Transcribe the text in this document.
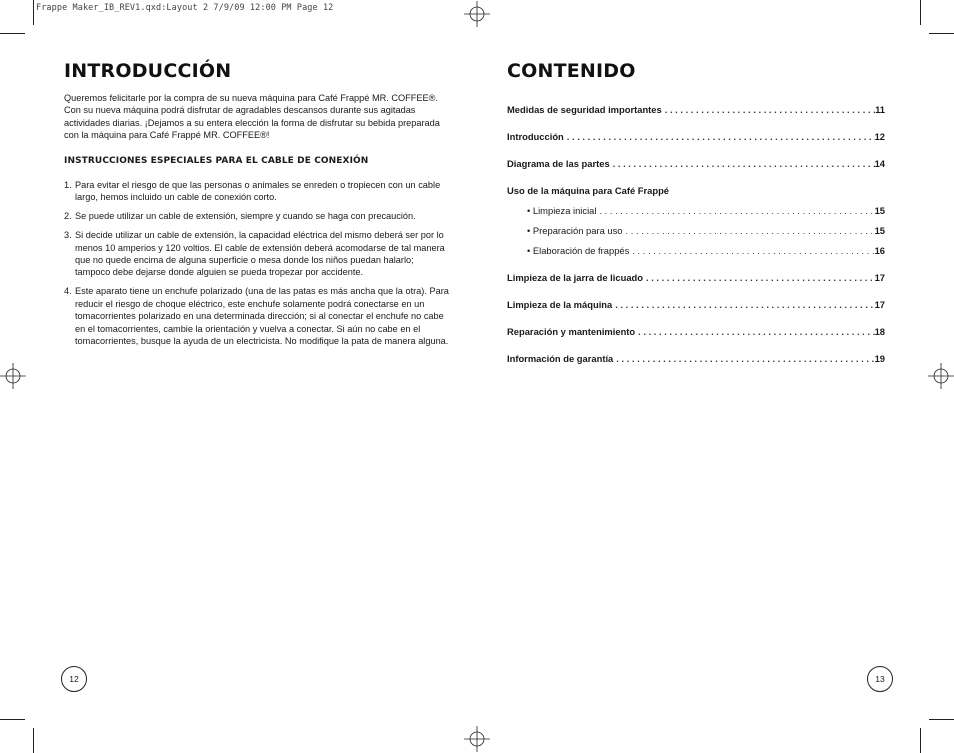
Frappe Maker_IB_REV1.qxd:Layout 2 7/9/09 12:00 PM Page 12
INTRODUCCIÓN

Queremos felicitarle por la compra de su nueva máquina para Café Frappé MR. COFFEE®. Con su nueva máquina podrá disfrutar de agradables descansos durante sus agitadas actividades diarias. ¡Dejamos a su entera elección la forma de disfrutar su bebida preparada con la máquina para Café Frappé MR. COFFEE®!

INSTRUCCIONES ESPECIALES PARA EL CABLE DE CONEXIÓN
1. Para evitar el riesgo de que las personas o animales se enreden o tropiecen con un cable largo, hemos incluido un cable de conexión corto.
2. Se puede utilizar un cable de extensión, siempre y cuando se haga con precaución.
3. Si decide utilizar un cable de extensión, la capacidad eléctrica del mismo deberá ser por lo menos 10 amperios y 120 voltios. El cable de extensión deberá acomodarse de tal manera que no quede encima de alguna superficie o mesa donde los niños puedan halarlo; tampoco debe dejarse donde alguien se pueda tropezar por accidente.
4. Este aparato tiene un enchufe polarizado (una de las patas es más ancha que la otra). Para reducir el riesgo de choque eléctrico, este enchufe solamente podrá conectarse en un tomacorrientes polarizado en una determinada dirección; si al conectar el enchufe no cabe en el tomacorrientes, cambie la orientación y vuelva a conectar. Si aún no cabe en el tomacorrientes, busque la ayuda de un electricista. No modifique la pata de manera alguna.
12
CONTENIDO
Medidas de seguridad importantes . . .	11
Introducción . . .	12
Diagrama de las partes . . .	14
Uso de la máquina para Café Frappé
• Limpieza inicial . . .	15
• Preparación para uso . . .	15
• Elaboración de frappés . . .	16
Limpieza de la jarra de licuado . . .	17
Limpieza de la máquina . . .	17
Reparación y mantenimiento . . .	18
Información de garantía . . .	19
13
